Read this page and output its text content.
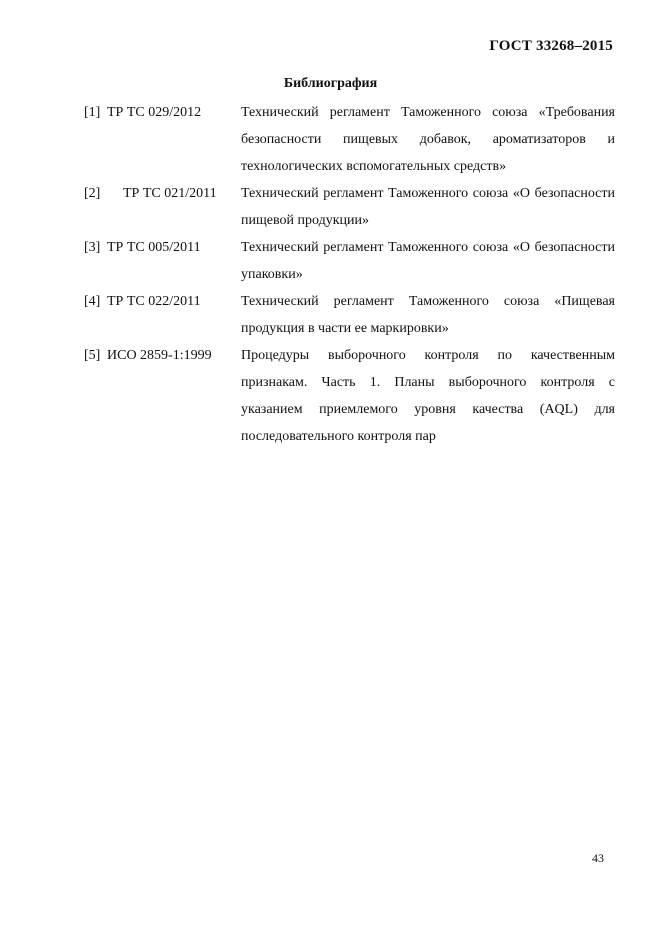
ГОСТ 33268–2015
Библиография
[1] ТР ТС 029/2012	Технический регламент Таможенного союза «Требования безопасности пищевых добавок, ароматизаторов и технологических вспомогательных средств»
[2]	ТР ТС 021/2011	Технический регламент Таможенного союза «О безопасности пищевой продукции»
[3] ТР ТС 005/2011	Технический регламент Таможенного союза «О безопасности упаковки»
[4] ТР ТС 022/2011	Технический регламент Таможенного союза «Пищевая продукция в части ее маркировки»
[5] ИСО 2859-1:1999	Процедуры выборочного контроля по качественным признакам. Часть 1. Планы выборочного контроля с указанием приемлемого уровня качества (AQL) для последовательного контроля пар
43
